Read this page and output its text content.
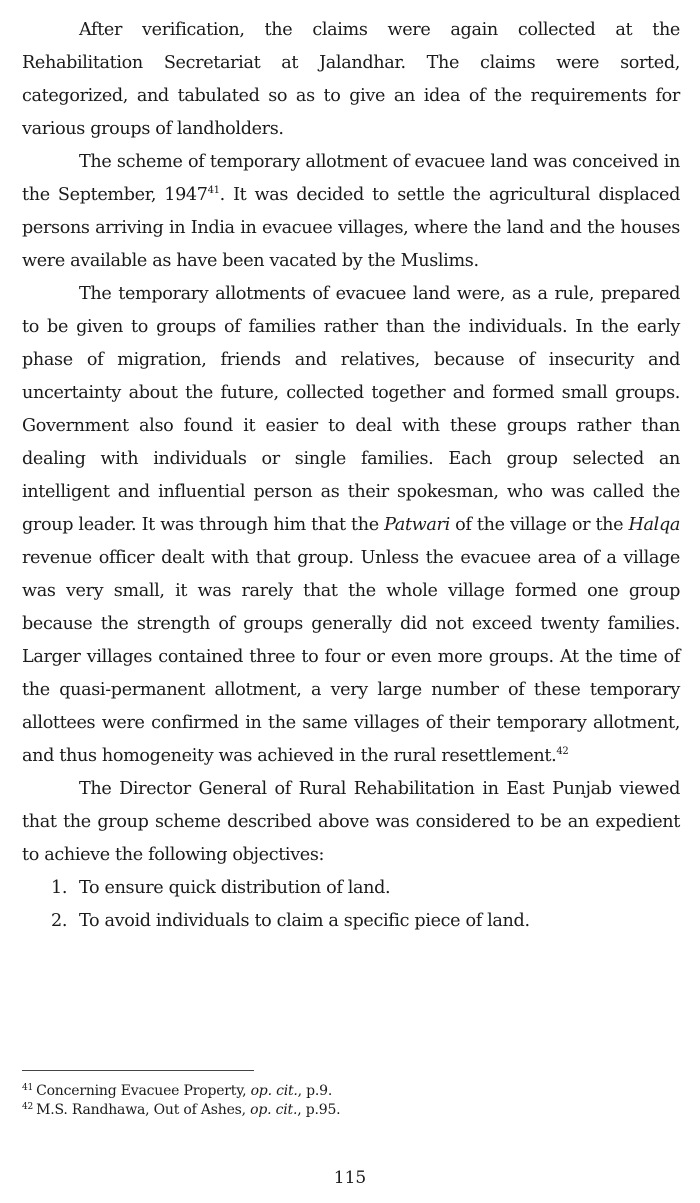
After verification, the claims were again collected at the Rehabilitation Secretariat at Jalandhar. The claims were sorted, categorized, and tabulated so as to give an idea of the requirements for various groups of landholders.

The scheme of temporary allotment of evacuee land was conceived in the September, 1947$^{41}$. It was decided to settle the agricultural displaced persons arriving in India in evacuee villages, where the land and the houses were available as have been vacated by the Muslims.

The temporary allotments of evacuee land were, as a rule, prepared to be given to groups of families rather than the individuals. In the early phase of migration, friends and relatives, because of insecurity and uncertainty about the future, collected together and formed small groups. Government also found it easier to deal with these groups rather than dealing with individuals or single families. Each group selected an intelligent and influential person as their spokesman, who was called the group leader. It was through him that the Patwari of the village or the Halqa revenue officer dealt with that group. Unless the evacuee area of a village was very small, it was rarely that the whole village formed one group because the strength of groups generally did not exceed twenty families. Larger villages contained three to four or even more groups. At the time of the quasi-permanent allotment, a very large number of these temporary allottees were confirmed in the same villages of their temporary allotment, and thus homogeneity was achieved in the rural resettlement.$^{42}$

The Director General of Rural Rehabilitation in East Punjab viewed that the group scheme described above was considered to be an expedient to achieve the following objectives:

1. To ensure quick distribution of land.
2. To avoid individuals to claim a specific piece of land.

$^{41}$ Concerning Evacuee Property, op. cit., p.9.

$^{42}$ M.S. Randhawa, Out of Ashes, op. cit., p.95.

115
